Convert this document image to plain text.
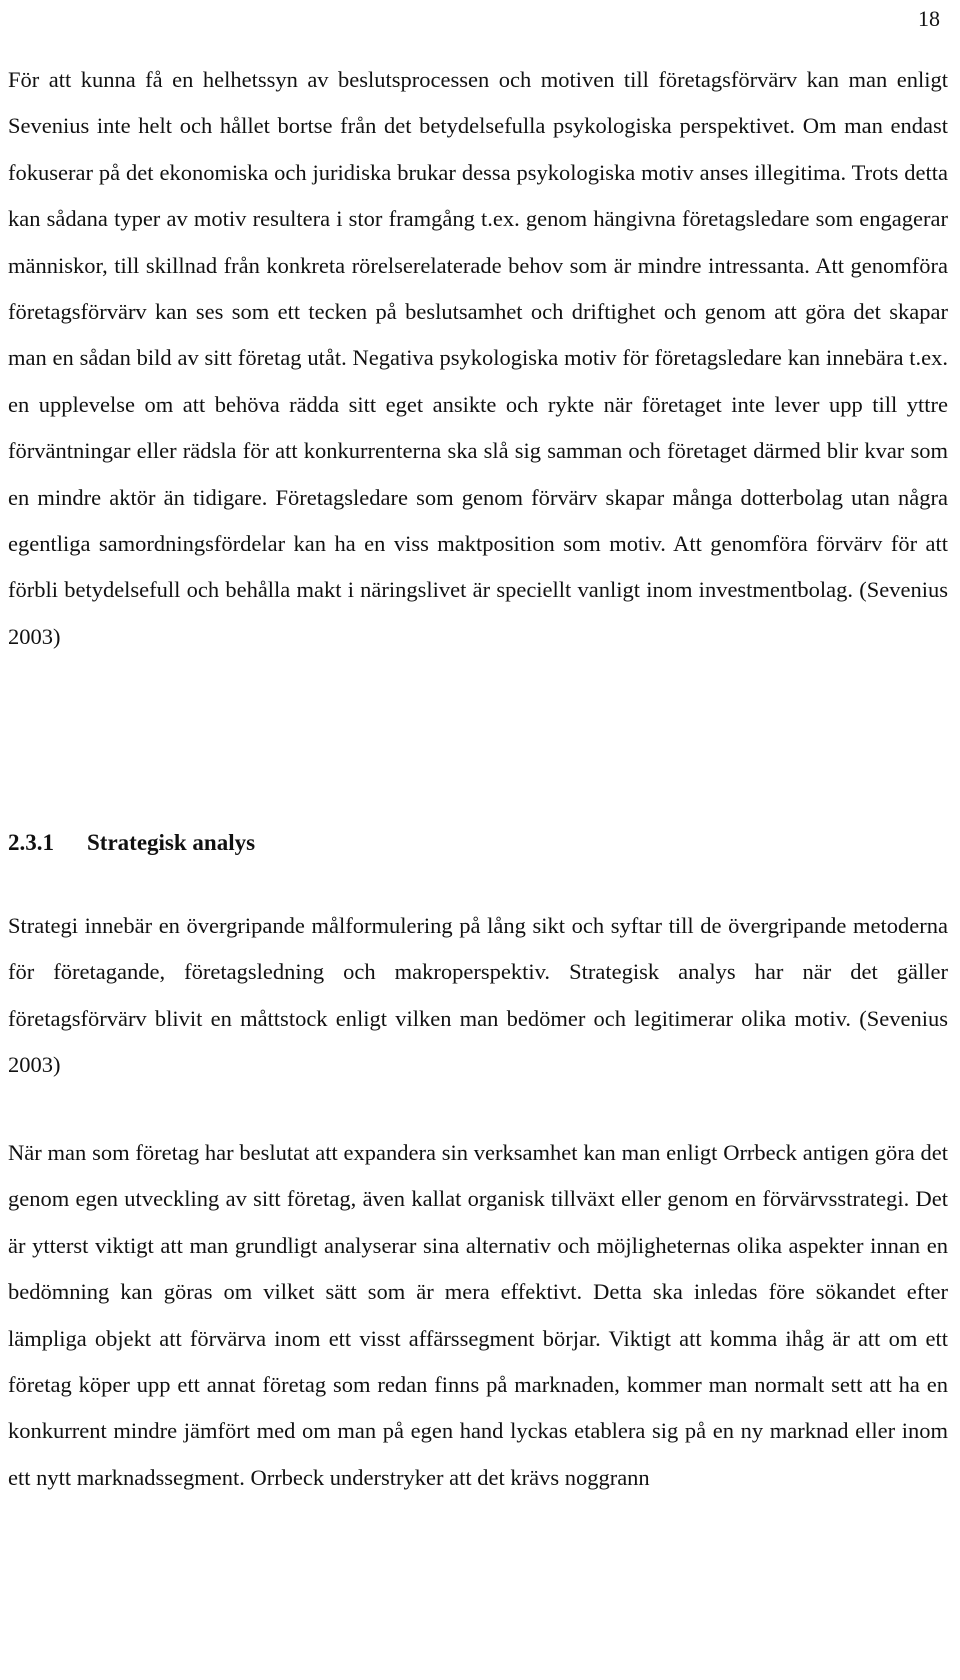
18

För att kunna få en helhetssyn av beslutsprocessen och motiven till företagsförvärv kan man enligt Sevenius inte helt och hållet bortse från det betydelsefulla psykologiska perspektivet. Om man endast fokuserar på det ekonomiska och juridiska brukar dessa psykologiska motiv anses illegitima. Trots detta kan sådana typer av motiv resultera i stor framgång t.ex. genom hängivna företagsledare som engagerar människor, till skillnad från konkreta rörelserelaterade behov som är mindre intressanta. Att genomföra företagsförvärv kan ses som ett tecken på beslutsamhet och driftighet och genom att göra det skapar man en sådan bild av sitt företag utåt. Negativa psykologiska motiv för företagsledare kan innebära t.ex. en upplevelse om att behöva rädda sitt eget ansikte och rykte när företaget inte lever upp till yttre förväntningar eller rädsla för att konkurrenterna ska slå sig samman och företaget därmed blir kvar som en mindre aktör än tidigare. Företagsledare som genom förvärv skapar många dotterbolag utan några egentliga samordningsfördelar kan ha en viss maktposition som motiv. Att genomföra förvärv för att förbli betydelsefull och behålla makt i näringslivet är speciellt vanligt inom investmentbolag. (Sevenius 2003)

2.3.1 Strategisk analys

Strategi innebär en övergripande målformulering på lång sikt och syftar till de övergripande metoderna för företagande, företagsledning och makroperspektiv. Strategisk analys har när det gäller företagsförvärv blivit en måttstock enligt vilken man bedömer och legitimerar olika motiv. (Sevenius 2003)

När man som företag har beslutat att expandera sin verksamhet kan man enligt Orrbeck antigen göra det genom egen utveckling av sitt företag, även kallat organisk tillväxt eller genom en förvärvsstrategi. Det är ytterst viktigt att man grundligt analyserar sina alternativ och möjligheternas olika aspekter innan en bedömning kan göras om vilket sätt som är mera effektivt. Detta ska inledas före sökandet efter lämpliga objekt att förvärva inom ett visst affärssegment börjar. Viktigt att komma ihåg är att om ett företag köper upp ett annat företag som redan finns på marknaden, kommer man normalt sett att ha en konkurrent mindre jämfört med om man på egen hand lyckas etablera sig på en ny marknad eller inom ett nytt marknadssegment. Orrbeck understryker att det krävs noggrann
